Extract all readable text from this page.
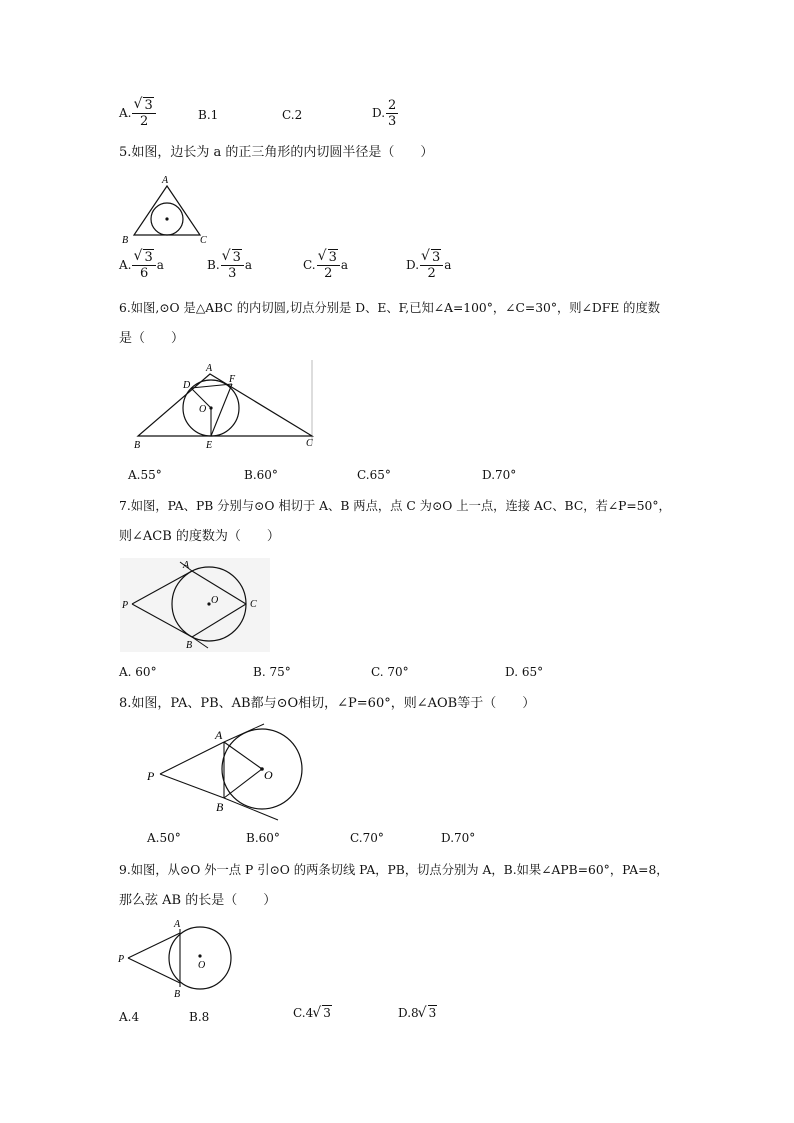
A. √ $\frac{3}{2}$	B.1	C.2	D. $\frac{2}{3}$
5.如图，边长为 a 的正三角形的内切圆半径是（　　）
A
B	C
A. √ $\frac{3}{6}$ a	B. √ $\frac{3}{3}$ a	C. √ $\frac{3}{2}$ a	D. √ $\frac{3}{2}$ a
6.如图,⊙O 是△ABC 的内切圆,切点分别是 D、E、F,已知∠A=100°，∠C=30°，则∠DFE 的度数
是（　　）
A
B	C
D
E
F
O
A.55°	B.60°	C.65°	D.70°
7.如图，PA、PB 分别与⊙O 相切于 A、B 两点，点 C 为⊙O 上一点，连接 AC、BC，若∠P=50°，
则∠ACB 的度数为（　　）
P
A
B
C
O
A. 60°	B. 75°	C. 70°	D. 65°
8.如图，PA、PB、AB都与⊙O相切，∠P=60°，则∠AOB等于（　　）
P
A
B
O
A.50°	B.60°	C.70°	D.70°
9.如图，从⊙O 外一点 P 引⊙O 的两条切线 PA，PB，切点分别为 A，B.如果∠APB=60°，PA=8，
那么弦 AB 的长是（　　）
P
A
B
O
A.4	B.8	C.4 √ 3	D.8 √ 3
